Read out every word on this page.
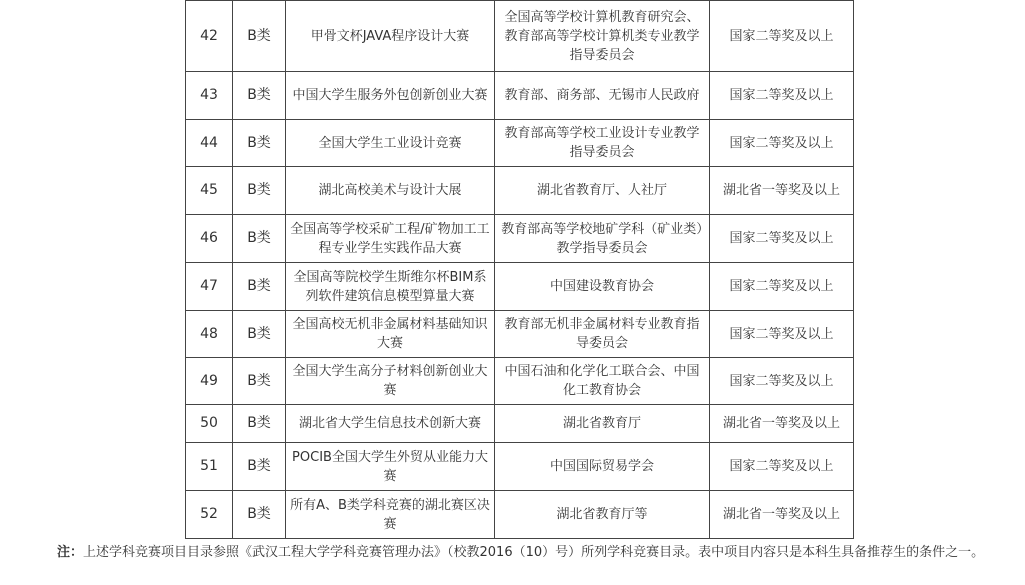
42	B类	甲骨文杯JAVA程序设计大赛	全国高等学校计算机教育研究会、教育部高等学校计算机类专业教学指导委员会	国家二等奖及以上
43	B类	中国大学生服务外包创新创业大赛	教育部、商务部、无锡市人民政府	国家二等奖及以上
44	B类	全国大学生工业设计竞赛	教育部高等学校工业设计专业教学指导委员会	国家二等奖及以上
45	B类	湖北高校美术与设计大展	湖北省教育厅、人社厅	湖北省一等奖及以上
46	B类	全国高等学校采矿工程/矿物加工工程专业学生实践作品大赛	教育部高等学校地矿学科（矿业类）教学指导委员会	国家二等奖及以上
47	B类	全国高等院校学生斯维尔杯BIM系列软件建筑信息模型算量大赛	中国建设教育协会	国家二等奖及以上
48	B类	全国高校无机非金属材料基础知识大赛	教育部无机非金属材料专业教育指导委员会	国家二等奖及以上
49	B类	全国大学生高分子材料创新创业大赛	中国石油和化学化工联合会、中国化工教育协会	国家二等奖及以上
50	B类	湖北省大学生信息技术创新大赛	湖北省教育厅	湖北省一等奖及以上
51	B类	POCIB全国大学生外贸从业能力大赛	中国国际贸易学会	国家二等奖及以上
52	B类	所有A、B类学科竞赛的湖北赛区决赛	湖北省教育厅等	湖北省一等奖及以上

注：上述学科竞赛项目目录参照《武汉工程大学学科竞赛管理办法》（校教2016（10）号）所列学科竞赛目录。表中项目内容只是本科生具备推荐生的条件之一。
